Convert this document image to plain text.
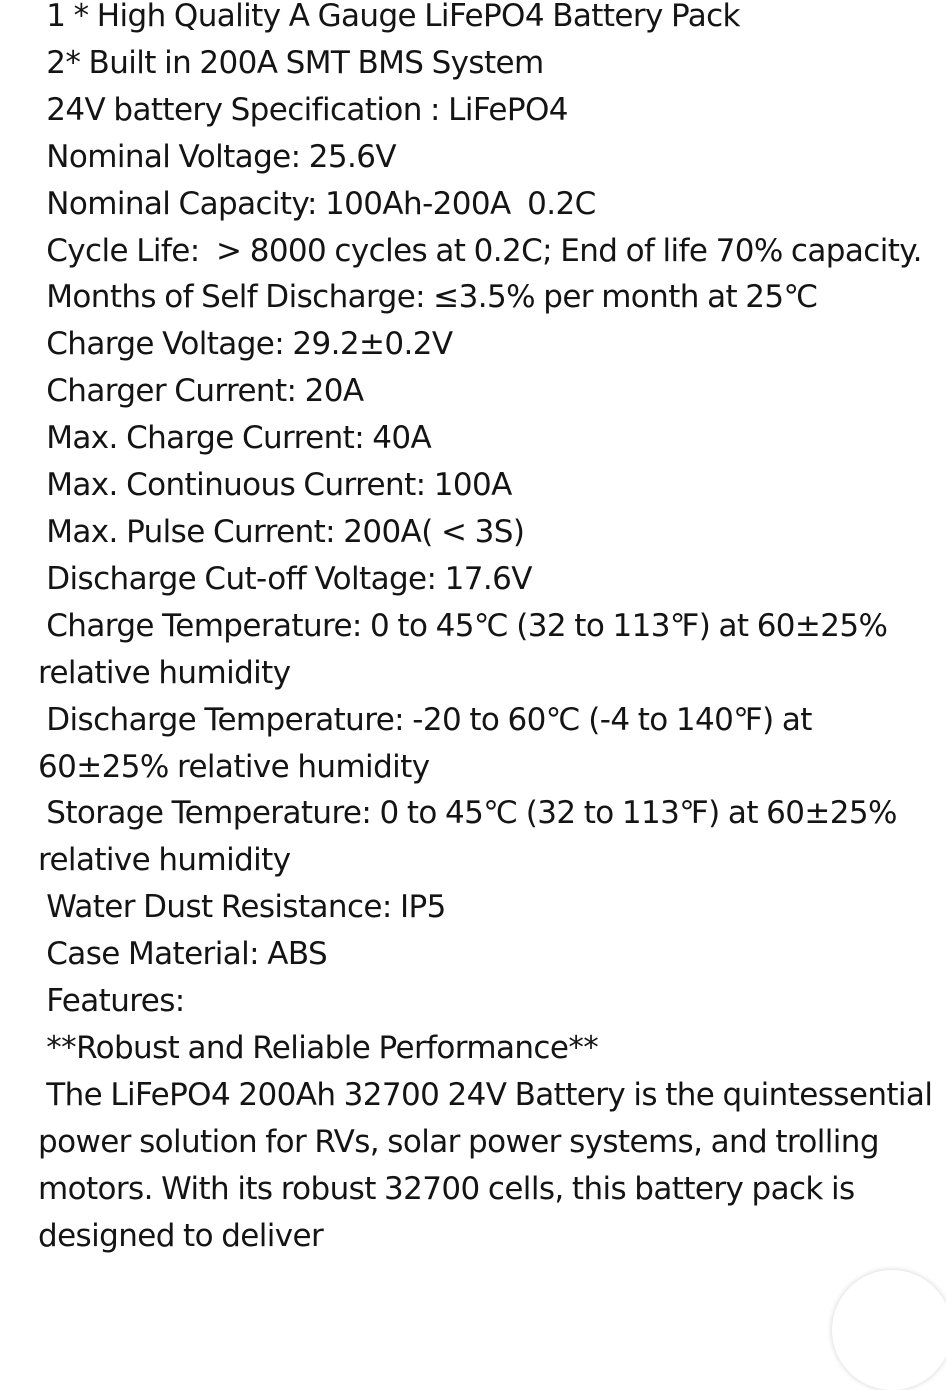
1 * High Quality A Gauge LiFePO4 Battery Pack

2* Built in 200A SMT BMS System

24V battery Specification : LiFePO4

Nominal Voltage: 25.6V

Nominal Capacity: 100Ah-200A  0.2C

Cycle Life:  > 8000 cycles at 0.2C; End of life 70% capacity.

Months of Self Discharge: ≤3.5% per month at 25℃

Charge Voltage: 29.2±0.2V

Charger Current: 20A

Max. Charge Current: 40A

Max. Continuous Current: 100A

Max. Pulse Current: 200A( < 3S)

Discharge Cut-off Voltage: 17.6V

Charge Temperature: 0 to 45℃ (32 to 113℉) at 60±25% relative humidity

Discharge Temperature: -20 to 60℃ (-4 to 140℉) at 60±25% relative humidity

Storage Temperature: 0 to 45℃ (32 to 113℉) at 60±25% relative humidity

Water Dust Resistance: IP5

Case Material: ABS

Features:

**Robust and Reliable Performance**

The LiFePO4 200Ah 32700 24V Battery is the quintessential power solution for RVs, solar power systems, and trolling motors. With its robust 32700 cells, this battery pack is designed to deliver
